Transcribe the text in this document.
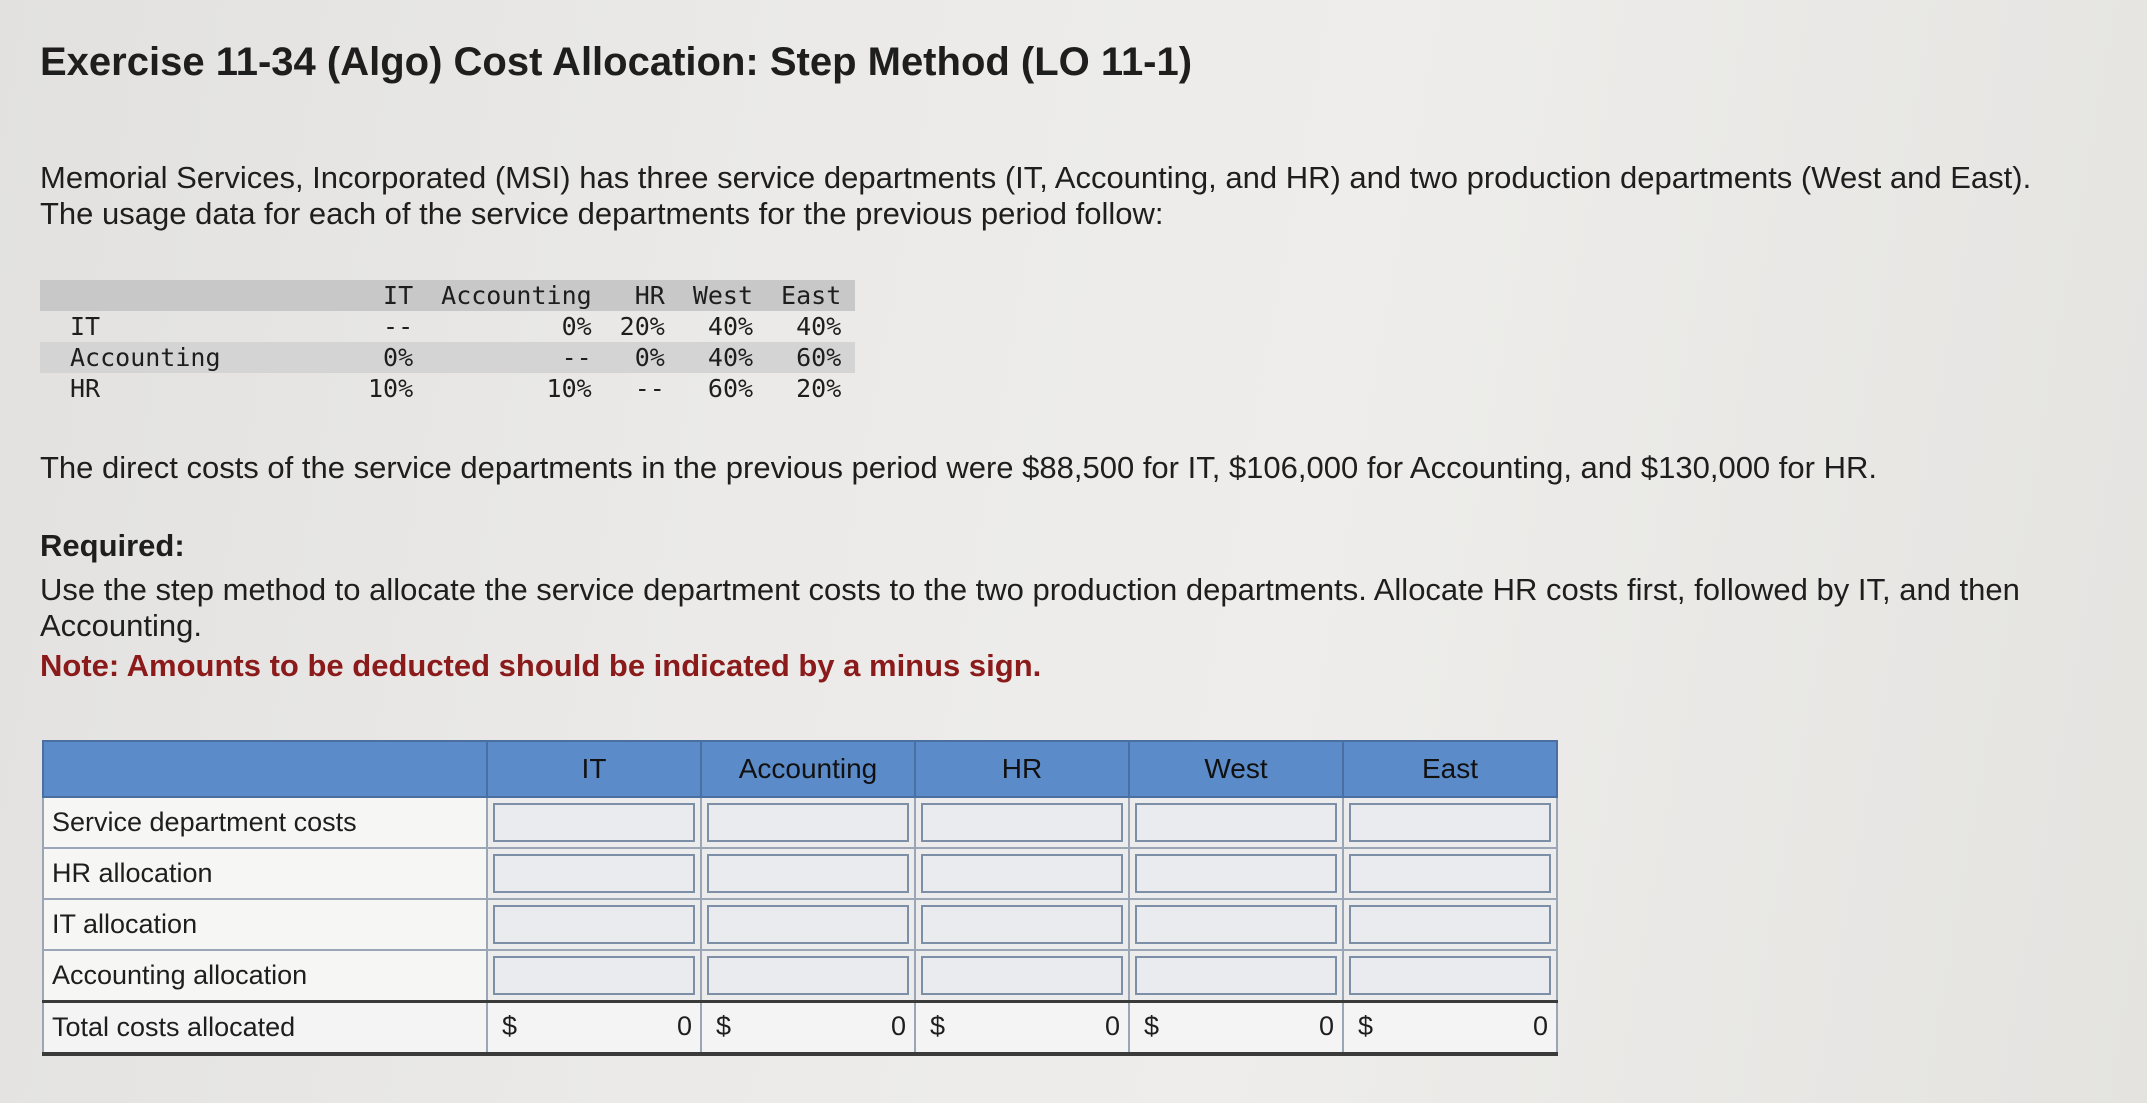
Exercise 11-34 (Algo) Cost Allocation: Step Method (LO 11-1)

Memorial Services, Incorporated (MSI) has three service departments (IT, Accounting, and HR) and two production departments (West and East). The usage data for each of the service departments for the previous period follow:

	IT	Accounting	HR	West	East
IT	--	0%	20%	40%	40%
Accounting	0%	--	0%	40%	60%
HR	10%	10%	--	60%	20%

The direct costs of the service departments in the previous period were $88,500 for IT, $106,000 for Accounting, and $130,000 for HR.

Required:

Use the step method to allocate the service department costs to the two production departments. Allocate HR costs first, followed by IT, and then Accounting.

Note: Amounts to be deducted should be indicated by a minus sign.

	IT	Accounting	HR	West	East
Service department costs	

HR allocation	

IT allocation	

Accounting allocation	

Total costs allocated	$ 0	$ 0	$ 0	$ 0	$ 0
